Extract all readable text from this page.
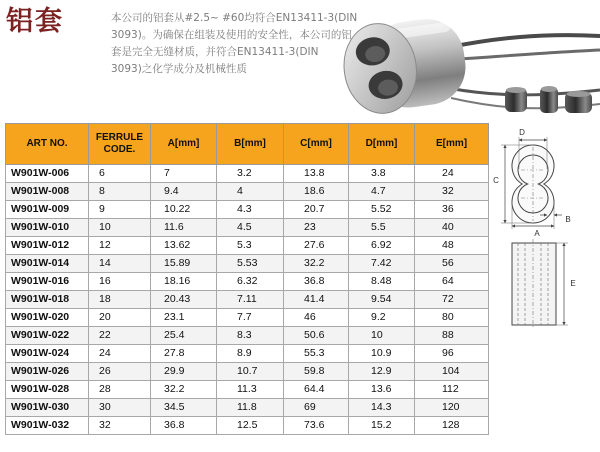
铝套	本公司的铝套从#2.5~ #60均符合EN13411-3(DIN
3093)。为确保在组装及使用的安全性，本公司的铝
套是完全无缝材质，并符合EN13411-3(DIN
3093)之化学成分及机械性质
ART NO.	FERRULE CODE.	A[mm]	B[mm]	C[mm]	D[mm]	E[mm]
W901W-006	6	7	3.2	13.8	3.8	24
W901W-008	8	9.4	4	18.6	4.7	32
W901W-009	9	10.22	4.3	20.7	5.52	36
W901W-010	10	11.6	4.5	23	5.5	40
W901W-012	12	13.62	5.3	27.6	6.92	48
W901W-014	14	15.89	5.53	32.2	7.42	56
W901W-016	16	18.16	6.32	36.8	8.48	64
W901W-018	18	20.43	7.11	41.4	9.54	72
W901W-020	20	23.1	7.7	46	9.2	80
W901W-022	22	25.4	8.3	50.6	10	88
W901W-024	24	27.8	8.9	55.3	10.9	96
W901W-026	26	29.9	10.7	59.8	12.9	104
W901W-028	28	32.2	11.3	64.4	13.6	112
W901W-030	30	34.5	11.8	69	14.3	120
W901W-032	32	36.8	12.5	73.6	15.2	128
D
C
A
B
E
